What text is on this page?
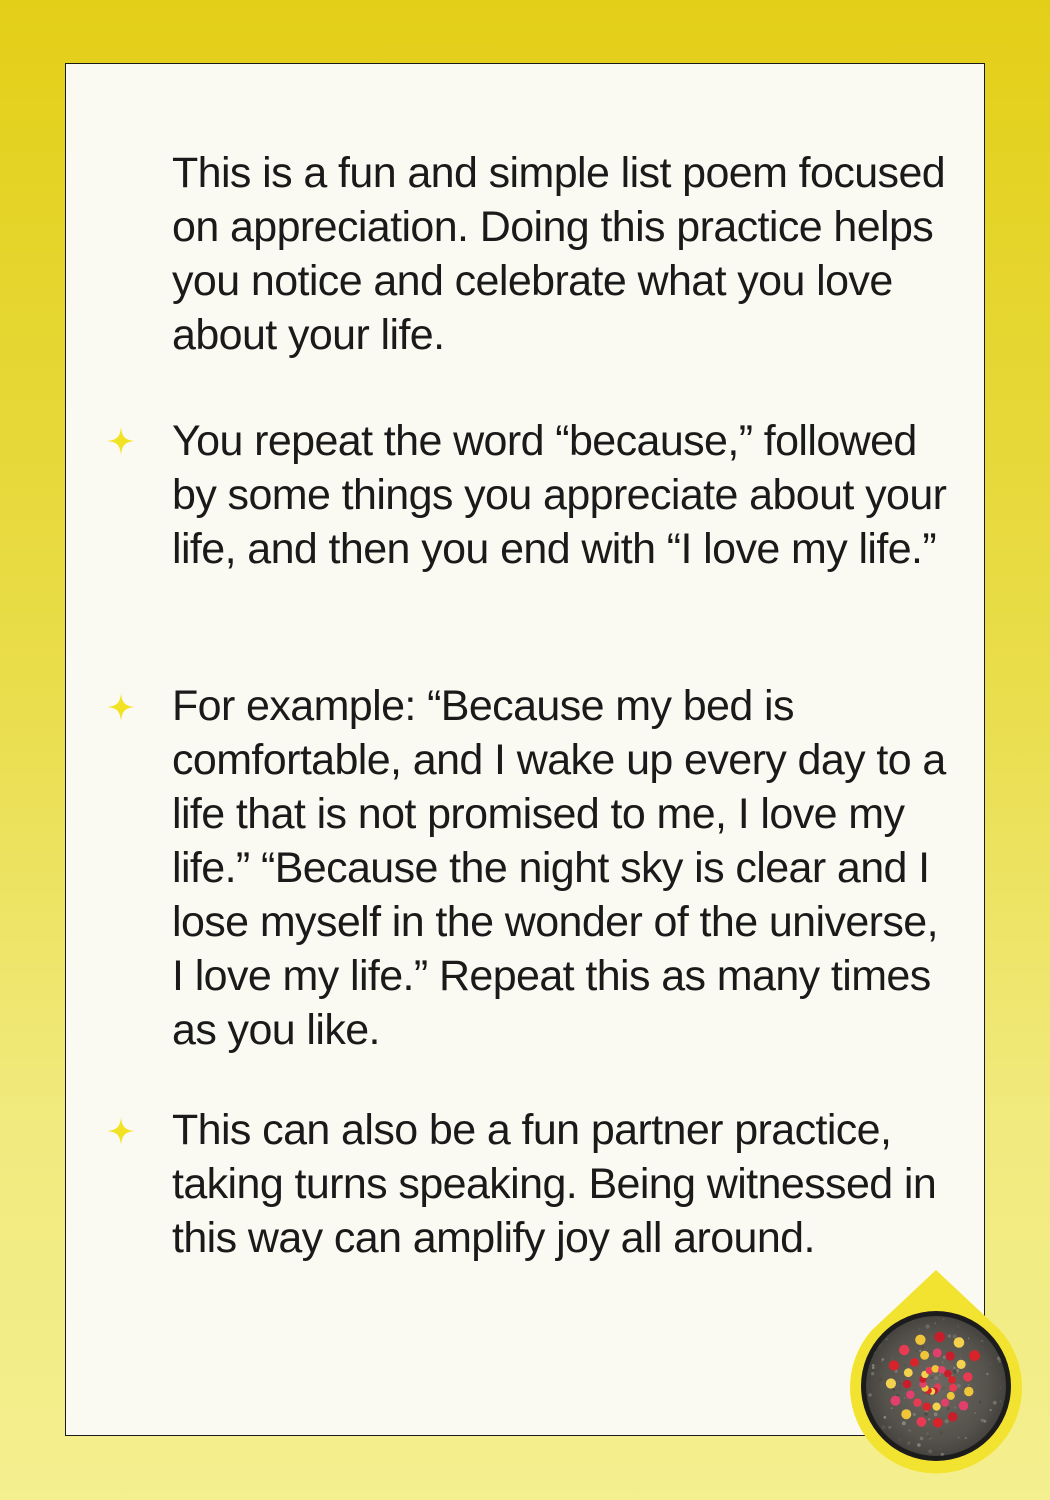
This is a fun and simple list poem focused on appreciation. Doing this practice helps you notice and celebrate what you love about your life.

You repeat the word “because,” followed by some things you appreciate about your life, and then you end with “I love my life.”

For example: “Because my bed is comfortable, and I wake up every day to a life that is not promised to me, I love my life.” “Because the night sky is clear and I lose myself in the wonder of the universe, I love my life.” Repeat this as many times as you like.

This can also be a fun partner practice, taking turns speaking. Being witnessed in this way can amplify joy all around.
